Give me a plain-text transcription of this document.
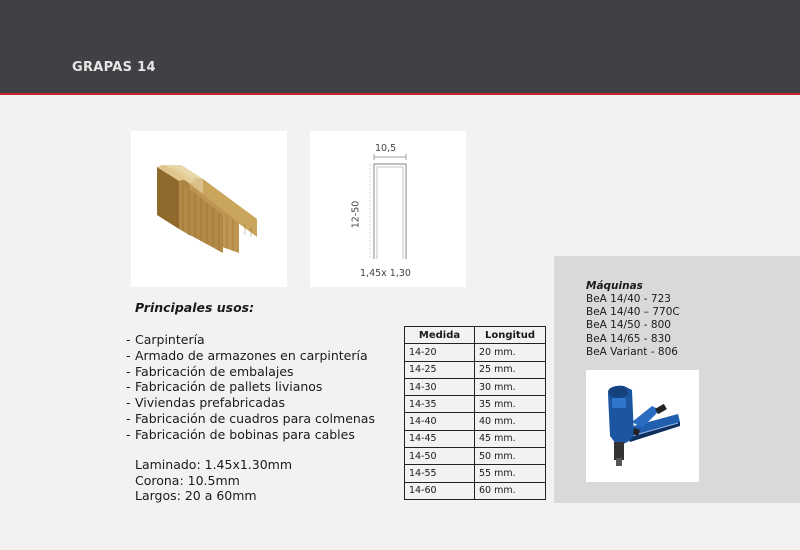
GRAPAS 14
10,5
12-50
1,45x 1,30
Principales usos:
- Carpintería
- Armado de armazones en carpintería
- Fabricación de embalajes
- Fabricación de pallets livianos
- Viviendas prefabricadas
- Fabricación de cuadros para colmenas
- Fabricación de bobinas para cables
Laminado: 1.45x1.30mm
Corona: 10.5mm
Largos: 20 a 60mm
Medida	Longitud
14-20	20 mm.
14-25	25 mm.
14-30	30 mm.
14-35	35 mm.
14-40	40 mm.
14-45	45 mm.
14-50	50 mm.
14-55	55 mm.
14-60	60 mm.
Máquinas
BeA 14/40 - 723
BeA 14/40 – 770C
BeA 14/50 - 800
BeA 14/65 - 830
BeA Variant - 806
